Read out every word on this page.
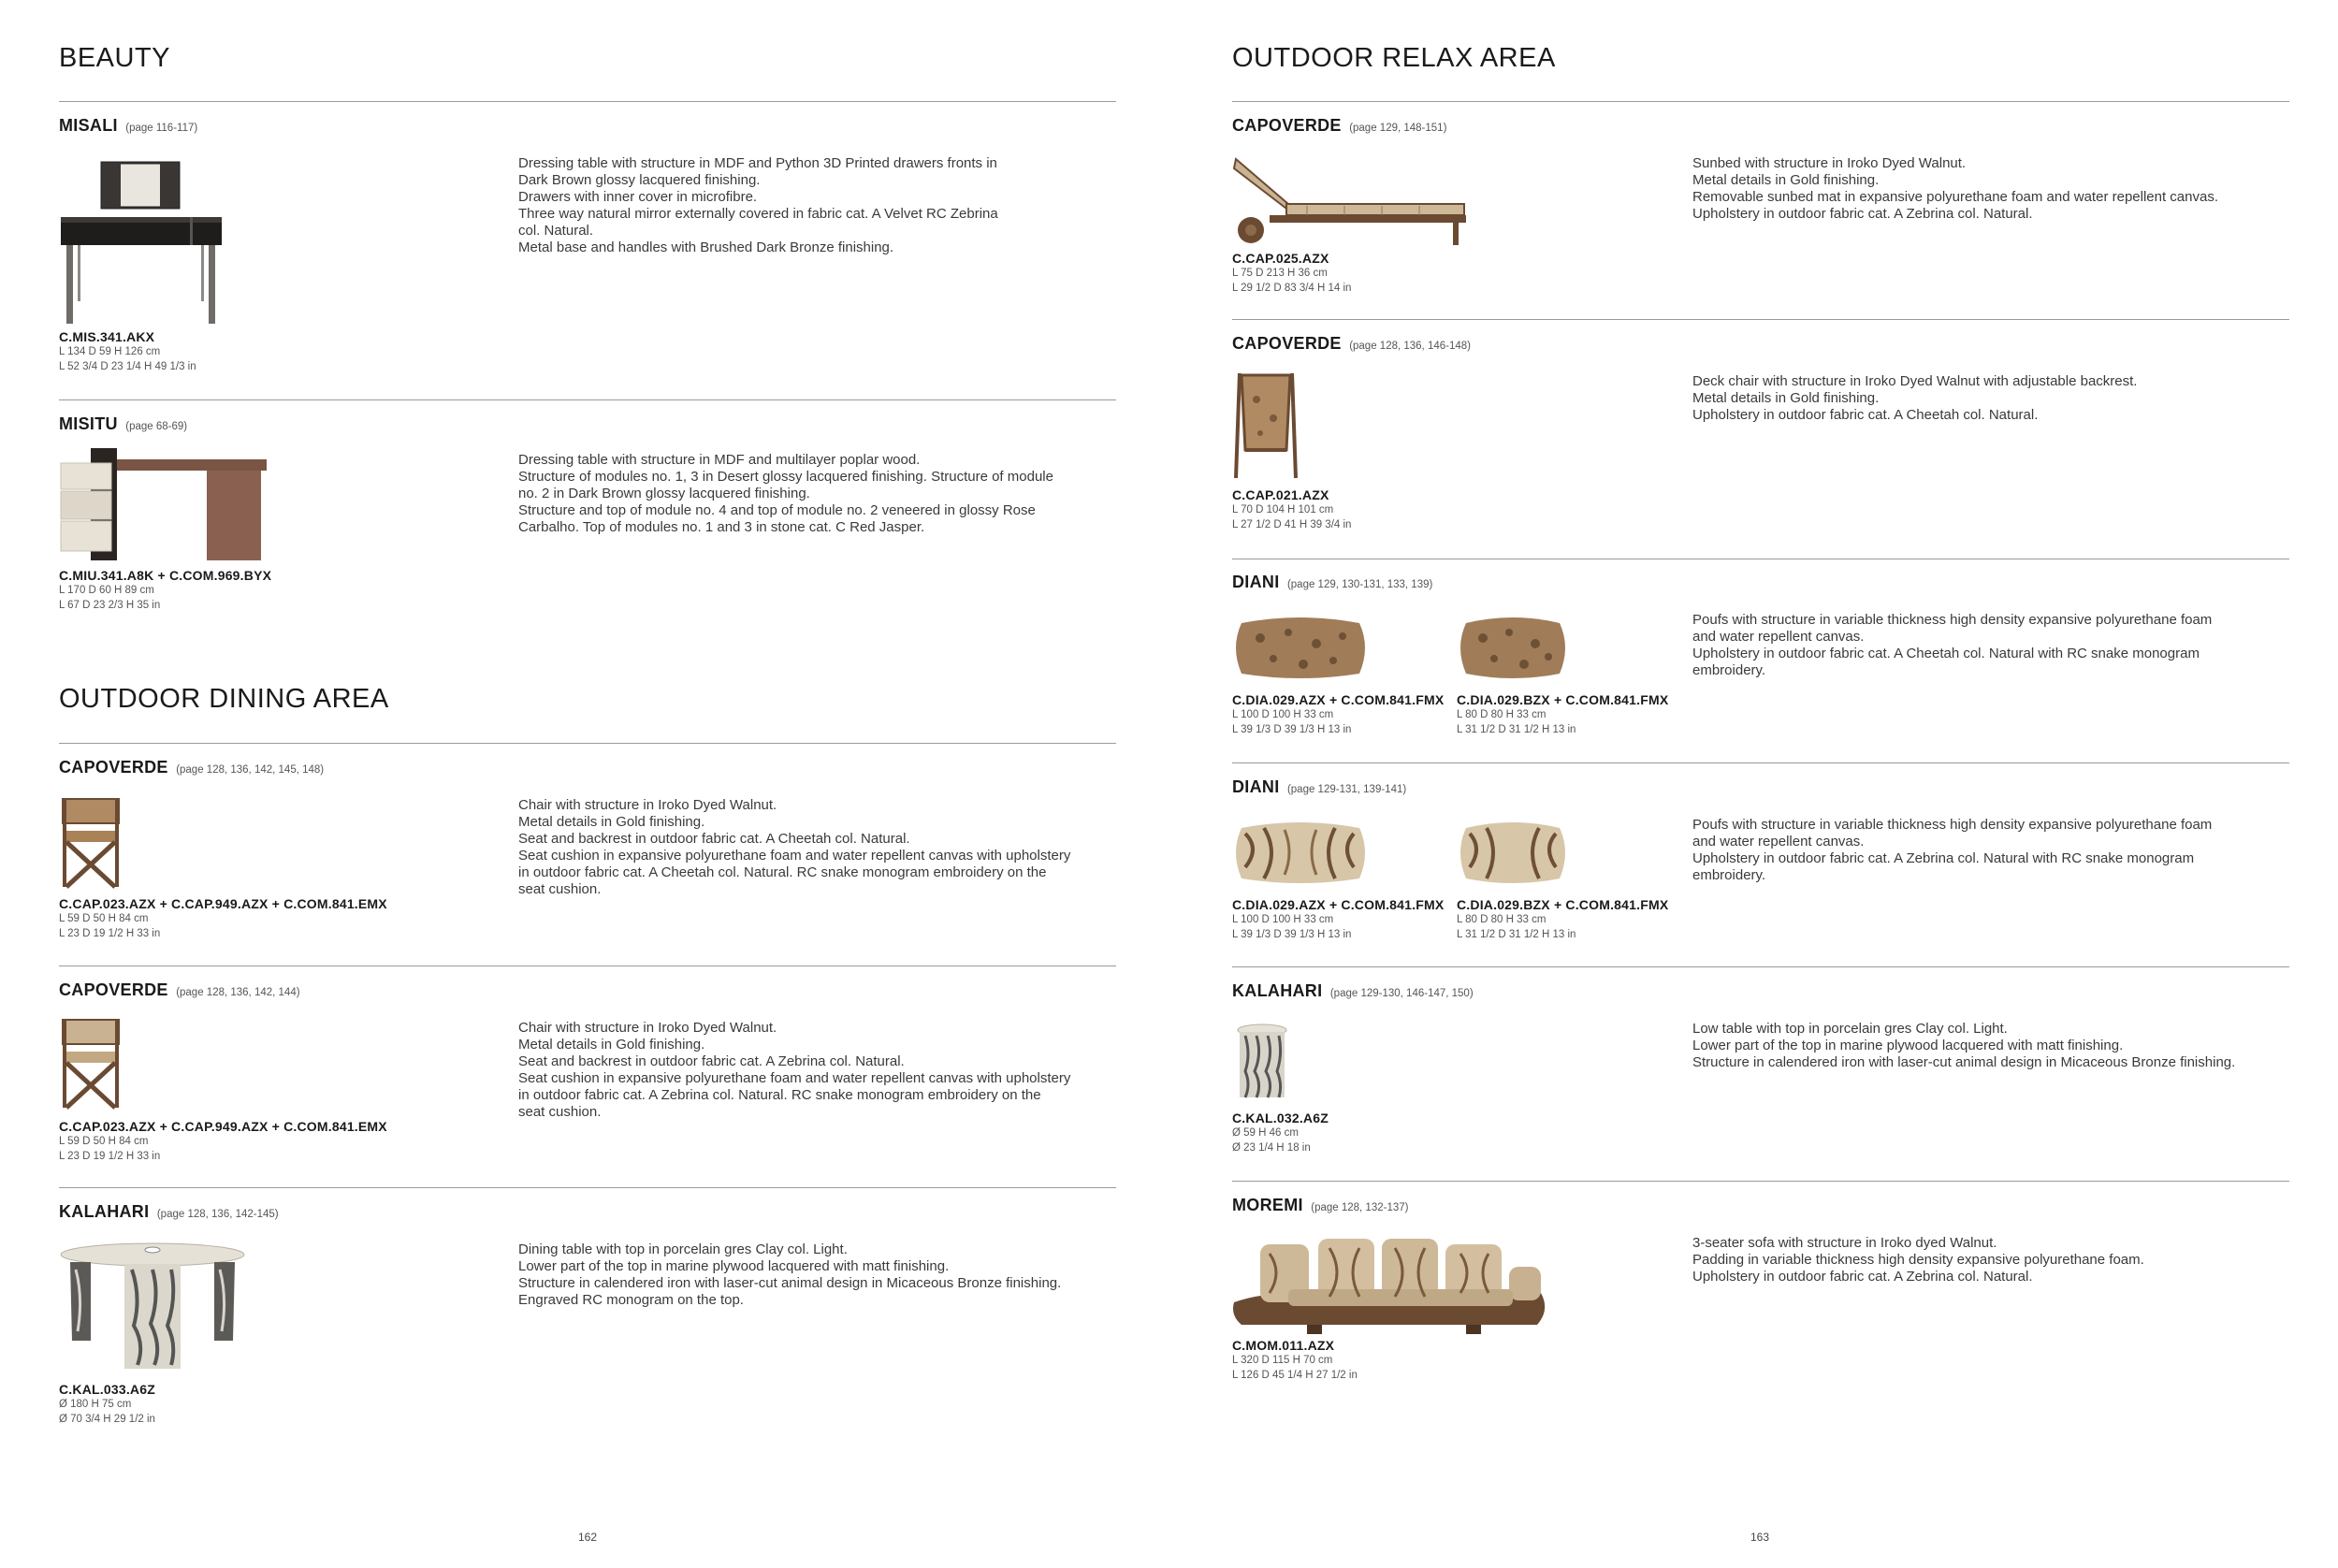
BEAUTY
MISALI (page 116-117)
C.MIS.341.AKX
L 134 D 59 H 126 cm
L 52 3/4 D 23 1/4 H 49 1/3 in
Dressing table with structure in MDF and Python 3D Printed drawers fronts in
Dark Brown glossy lacquered finishing.
Drawers with inner cover in microfibre.
Three way natural mirror externally covered in fabric cat. A Velvet RC Zebrina
col. Natural.
Metal base and handles with Brushed Dark Bronze finishing.
MISITU (page 68-69)
C.MIU.341.A8K + C.COM.969.BYX
L 170 D 60 H 89 cm
L 67 D 23 2/3 H 35 in
Dressing table with structure in MDF and multilayer poplar wood.
Structure of modules no. 1, 3 in Desert glossy lacquered finishing. Structure of module
no. 2 in Dark Brown glossy lacquered finishing.
Structure and top of module no. 4 and top of module no. 2 veneered in glossy Rose
Carbalho. Top of modules no. 1 and 3 in stone cat. C Red Jasper.
OUTDOOR DINING AREA
CAPOVERDE (page 128, 136, 142, 145, 148)
C.CAP.023.AZX + C.CAP.949.AZX + C.COM.841.EMX
L 59 D 50 H 84 cm
L 23 D 19 1/2 H 33 in
Chair with structure in Iroko Dyed Walnut.
Metal details in Gold finishing.
Seat and backrest in outdoor fabric cat. A Cheetah col. Natural.
Seat cushion in expansive polyurethane foam and water repellent canvas with upholstery
in outdoor fabric cat. A Cheetah col. Natural. RC snake monogram embroidery on the
seat cushion.
CAPOVERDE (page 128, 136, 142, 144)
C.CAP.023.AZX + C.CAP.949.AZX + C.COM.841.EMX
L 59 D 50 H 84 cm
L 23 D 19 1/2 H 33 in
Chair with structure in Iroko Dyed Walnut.
Metal details in Gold finishing.
Seat and backrest in outdoor fabric cat. A Zebrina col. Natural.
Seat cushion in expansive polyurethane foam and water repellent canvas with upholstery
in outdoor fabric cat. A Zebrina col. Natural. RC snake monogram embroidery on the
seat cushion.
KALAHARI (page 128, 136, 142-145)
C.KAL.033.A6Z
Ø 180 H 75 cm
Ø 70 3/4 H 29 1/2 in
Dining table with top in porcelain gres Clay col. Light.
Lower part of the top in marine plywood lacquered with matt finishing.
Structure in calendered iron with laser-cut animal design in Micaceous Bronze finishing.
Engraved RC monogram on the top.
162
OUTDOOR RELAX AREA
CAPOVERDE (page 129, 148-151)
C.CAP.025.AZX
L 75 D 213 H 36 cm
L 29 1/2 D 83 3/4 H 14 in
Sunbed with structure in Iroko Dyed Walnut.
Metal details in Gold finishing.
Removable sunbed mat in expansive polyurethane foam and water repellent canvas.
Upholstery in outdoor fabric cat. A Zebrina col. Natural.
CAPOVERDE (page 128, 136, 146-148)
C.CAP.021.AZX
L 70 D 104 H 101 cm
L 27 1/2 D 41 H 39 3/4 in
Deck chair with structure in Iroko Dyed Walnut with adjustable backrest.
Metal details in Gold finishing.
Upholstery in outdoor fabric cat. A Cheetah col. Natural.
DIANI (page 129, 130-131, 133, 139)
C.DIA.029.AZX + C.COM.841.FMX
L 100 D 100 H 33 cm
L 39 1/3 D 39 1/3 H 13 in
C.DIA.029.BZX + C.COM.841.FMX
L 80 D 80 H 33 cm
L 31 1/2 D 31 1/2 H 13 in
Poufs with structure in variable thickness high density expansive polyurethane foam
and water repellent canvas.
Upholstery in outdoor fabric cat. A Cheetah col. Natural with RC snake monogram
embroidery.
DIANI (page 129-131, 139-141)
C.DIA.029.AZX + C.COM.841.FMX
L 100 D 100 H 33 cm
L 39 1/3 D 39 1/3 H 13 in
C.DIA.029.BZX + C.COM.841.FMX
L 80 D 80 H 33 cm
L 31 1/2 D 31 1/2 H 13 in
Poufs with structure in variable thickness high density expansive polyurethane foam
and water repellent canvas.
Upholstery in outdoor fabric cat. A Zebrina col. Natural with RC snake monogram
embroidery.
KALAHARI (page 129-130, 146-147, 150)
C.KAL.032.A6Z
Ø 59 H 46 cm
Ø 23 1/4 H 18 in
Low table with top in porcelain gres Clay col. Light.
Lower part of the top in marine plywood lacquered with matt finishing.
Structure in calendered iron with laser-cut animal design in Micaceous Bronze finishing.
MOREMI (page 128, 132-137)
C.MOM.011.AZX
L 320 D 115 H 70 cm
L 126 D 45 1/4 H 27 1/2 in
3-seater sofa with structure in Iroko dyed Walnut.
Padding in variable thickness high density expansive polyurethane foam.
Upholstery in outdoor fabric cat. A Zebrina col. Natural.
163
